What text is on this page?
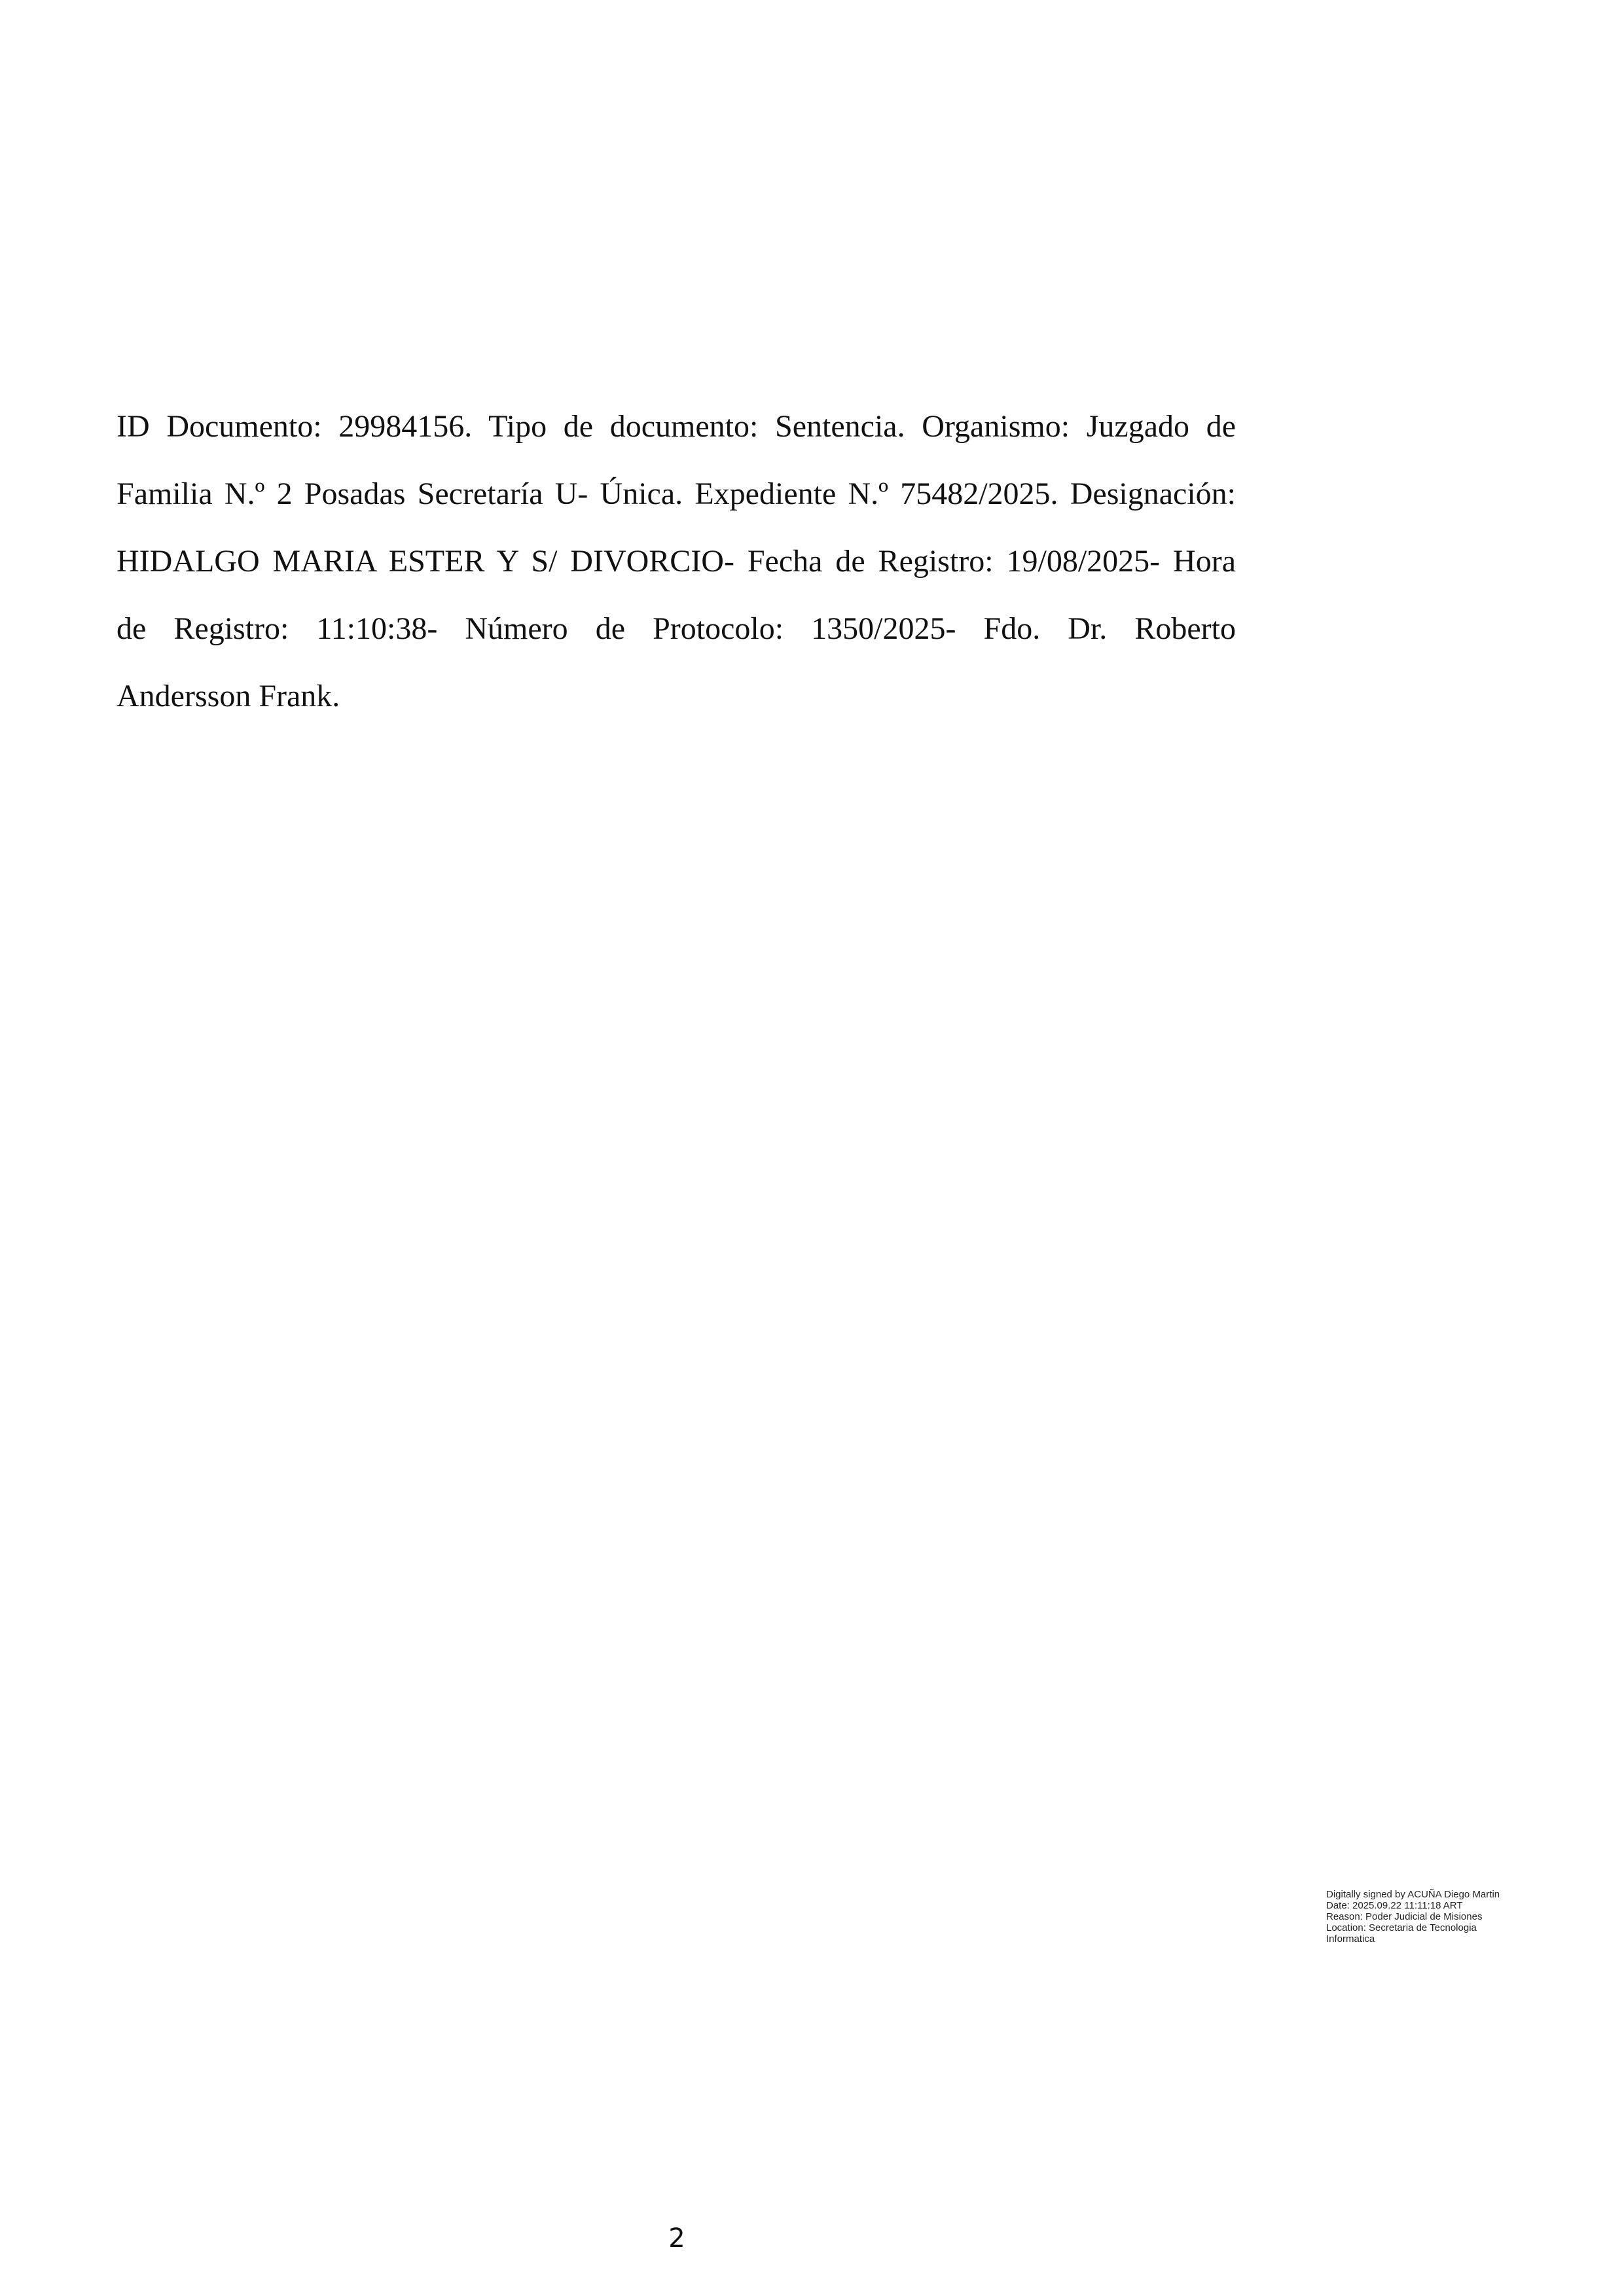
ID Documento: 29984156. Tipo de documento: Sentencia. Organismo: Juzgado de
Familia N.º 2 Posadas Secretaría U- Única. Expediente N.º 75482/2025. Designación:
HIDALGO MARIA ESTER Y S/ DIVORCIO- Fecha de Registro: 19/08/2025- Hora
de Registro: 11:10:38- Número de Protocolo: 1350/2025- Fdo. Dr. Roberto
Andersson Frank.
Digitally signed by ACUÑA Diego Martin
Date: 2025.09.22 11:11:18 ART
Reason: Poder Judicial de Misiones
Location: Secretaria de Tecnologia
Informatica
2
